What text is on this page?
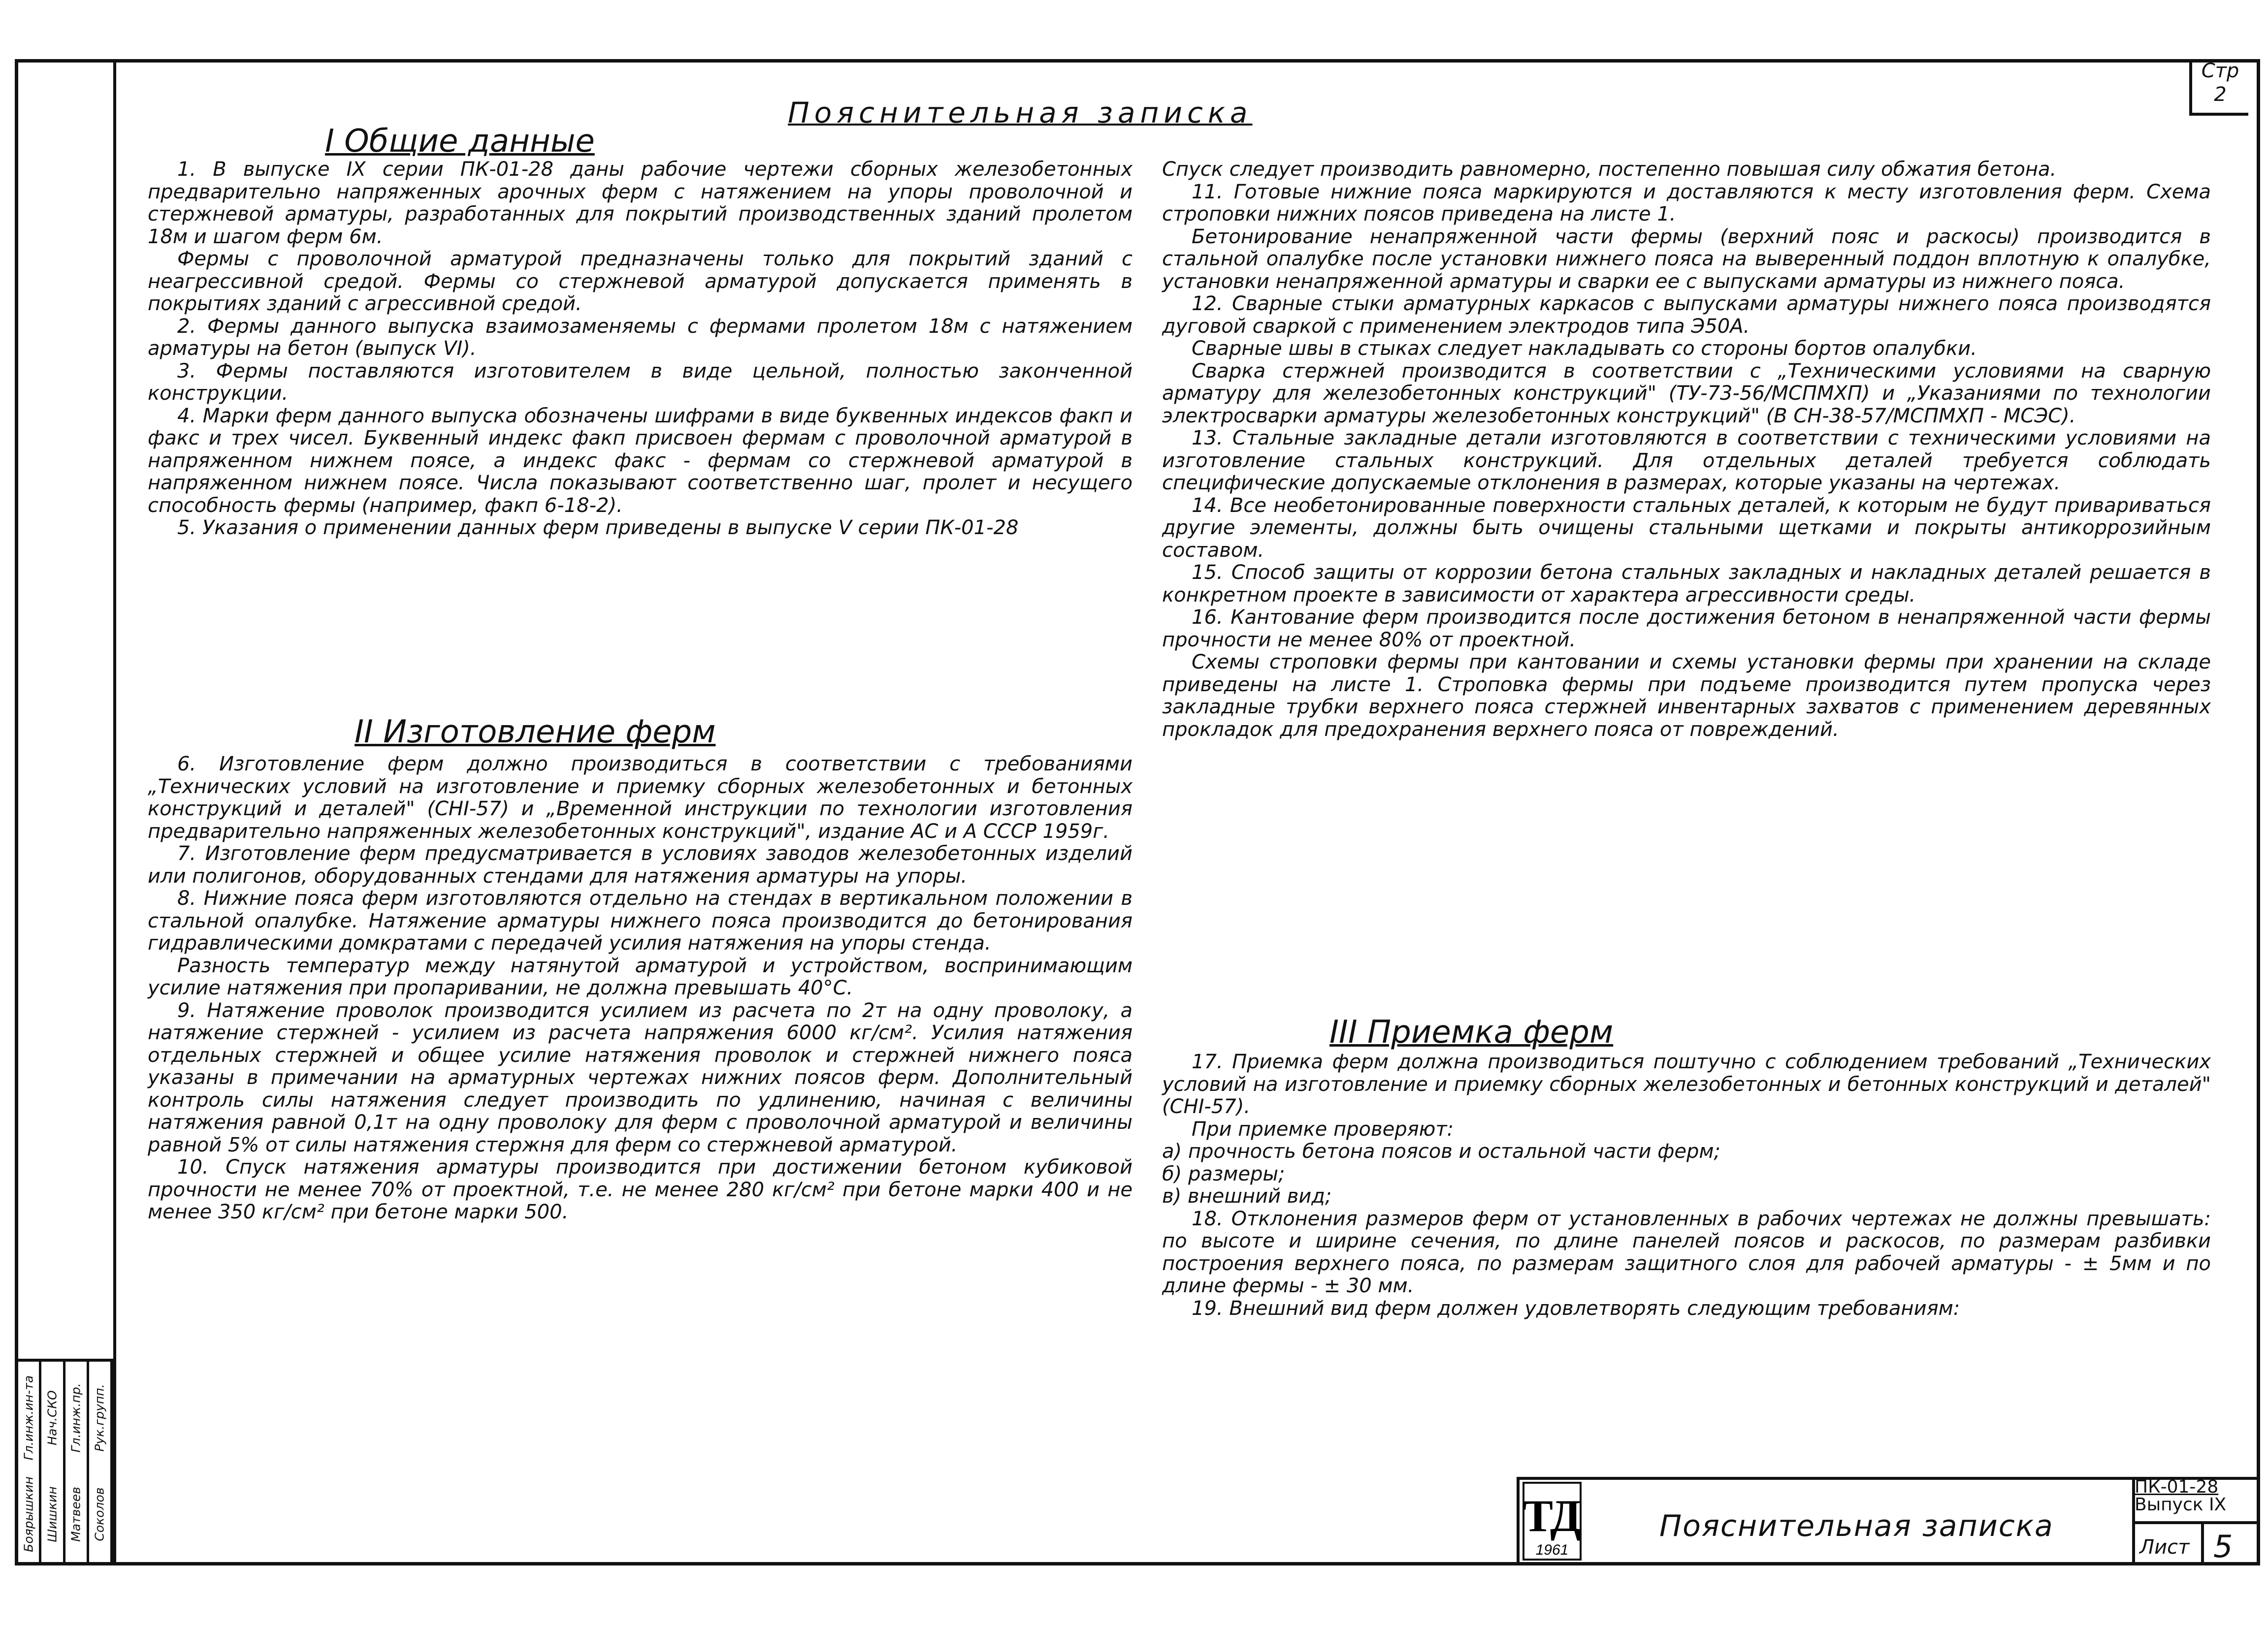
Гл.инж.ин-та
Боярышкин
Нач.СКО
Шишкин
Гл.инж.пр.
Матвеев
Рук.групп.
Соколов
Стр
2
Пояснительная записка
I Общие данные

1. В выпуске IX серии ПК-01-28 даны рабочие чертежи сборных железобетонных предварительно напряженных арочных ферм с натяжением на упоры проволочной и стержневой арматуры, разработанных для покрытий производственных зданий пролетом 18м и шагом ферм 6м.

Фермы с проволочной арматурой предназначены только для покрытий зданий с неагрессивной средой. Фермы со стержневой арматурой допускается применять в покрытиях зданий с агрессивной средой.

2. Фермы данного выпуска взаимозаменяемы с фермами пролетом 18м с натяжением арматуры на бетон (выпуск VI).

3. Фермы поставляются изготовителем в виде цельной, полностью законченной конструкции.

4. Марки ферм данного выпуска обозначены шифрами в виде буквенных индексов факп и факс и трех чисел. Буквенный индекс факп присвоен фермам с проволочной арматурой в напряженном нижнем поясе, а индекс факс - фермам со стержневой арматурой в напряженном нижнем поясе. Числа показывают соответственно шаг, пролет и несущего способность фермы (например, факп 6-18-2).

5. Указания о применении данных ферм приведены в выпуске V серии ПК-01-28

II Изготовление ферм

6. Изготовление ферм должно производиться в соответствии с требованиями „Технических условий на изготовление и приемку сборных железобетонных и бетонных конструкций и деталей" (СНI-57) и „Временной инструкции по технологии изготовления предварительно напряженных железобетонных конструкций", издание АС и А СССР 1959г.

7. Изготовление ферм предусматривается в условиях заводов железобетонных изделий или полигонов, оборудованных стендами для натяжения арматуры на упоры.

8. Нижние пояса ферм изготовляются отдельно на стендах в вертикальном положении в стальной опалубке. Натяжение арматуры нижнего пояса производится до бетонирования гидравлическими домкратами с передачей усилия натяжения на упоры стенда.

Разность температур между натянутой арматурой и устройством, воспринимающим усилие натяжения при пропаривании, не должна превышать 40°С.

9. Натяжение проволок производится усилием из расчета по 2т на одну проволоку, а натяжение стержней - усилием из расчета напряжения 6000 кг/см². Усилия натяжения отдельных стержней и общее усилие натяжения проволок и стержней нижнего пояса указаны в примечании на арматурных чертежах нижних поясов ферм. Дополнительный контроль силы натяжения следует производить по удлинению, начиная с величины натяжения равной 0,1т на одну проволоку для ферм с проволочной арматурой и величины равной 5% от силы натяжения стержня для ферм со стержневой арматурой.

10. Спуск натяжения арматуры производится при достижении бетоном кубиковой прочности не менее 70% от проектной, т.е. не менее 280 кг/см² при бетоне марки 400 и не менее 350 кг/см² при бетоне марки 500.

Спуск следует производить равномерно, постепенно повышая силу обжатия бетона.

11. Готовые нижние пояса маркируются и доставляются к месту изготовления ферм. Схема строповки нижних поясов приведена на листе 1.

Бетонирование ненапряженной части фермы (верхний пояс и раскосы) производится в стальной опалубке после установки нижнего пояса на выверенный поддон вплотную к опалубке, установки ненапряженной арматуры и сварки ее с выпусками арматуры из нижнего пояса.

12. Сварные стыки арматурных каркасов с выпусками арматуры нижнего пояса производятся дуговой сваркой с применением электродов типа Э50А.

Сварные швы в стыках следует накладывать со стороны бортов опалубки.

Сварка стержней производится в соответствии с „Техническими условиями на сварную арматуру для железобетонных конструкций" (ТУ-73-56/МСПМХП) и „Указаниями по технологии электросварки арматуры железобетонных конструкций" (В СН-38-57/МСПМХП - МСЭС).

13. Стальные закладные детали изготовляются в соответствии с техническими условиями на изготовление стальных конструкций. Для отдельных деталей требуется соблюдать специфические допускаемые отклонения в размерах, которые указаны на чертежах.

14. Все необетонированные поверхности стальных деталей, к которым не будут привариваться другие элементы, должны быть очищены стальными щетками и покрыты антикоррозийным составом.

15. Способ защиты от коррозии бетона стальных закладных и накладных деталей решается в конкретном проекте в зависимости от характера агрессивности среды.

16. Кантование ферм производится после достижения бетоном в ненапряженной части фермы прочности не менее 80% от проектной.

Схемы строповки фермы при кантовании и схемы установки фермы при хранении на складе приведены на листе 1. Строповка фермы при подъеме производится путем пропуска через закладные трубки верхнего пояса стержней инвентарных захватов с применением деревянных прокладок для предохранения верхнего пояса от повреждений.

III Приемка ферм

17. Приемка ферм должна производиться поштучно с соблюдением требований „Технических условий на изготовление и приемку сборных железобетонных и бетонных конструкций и деталей" (СНI-57).

При приемке проверяют:

а) прочность бетона поясов и остальной части ферм;

б) размеры;

в) внешний вид;

18. Отклонения размеров ферм от установленных в рабочих чертежах не должны превышать: по высоте и ширине сечения, по длине панелей поясов и раскосов, по размерам разбивки построения верхнего пояса, по размерам защитного слоя для рабочей арматуры - ± 5мм и по длине фермы - ± 30 мм.

19. Внешний вид ферм должен удовлетворять следующим требованиям:

ТД
1961
Пояснительная записка
ПК-01-28
Выпуск IX
Лист 5
